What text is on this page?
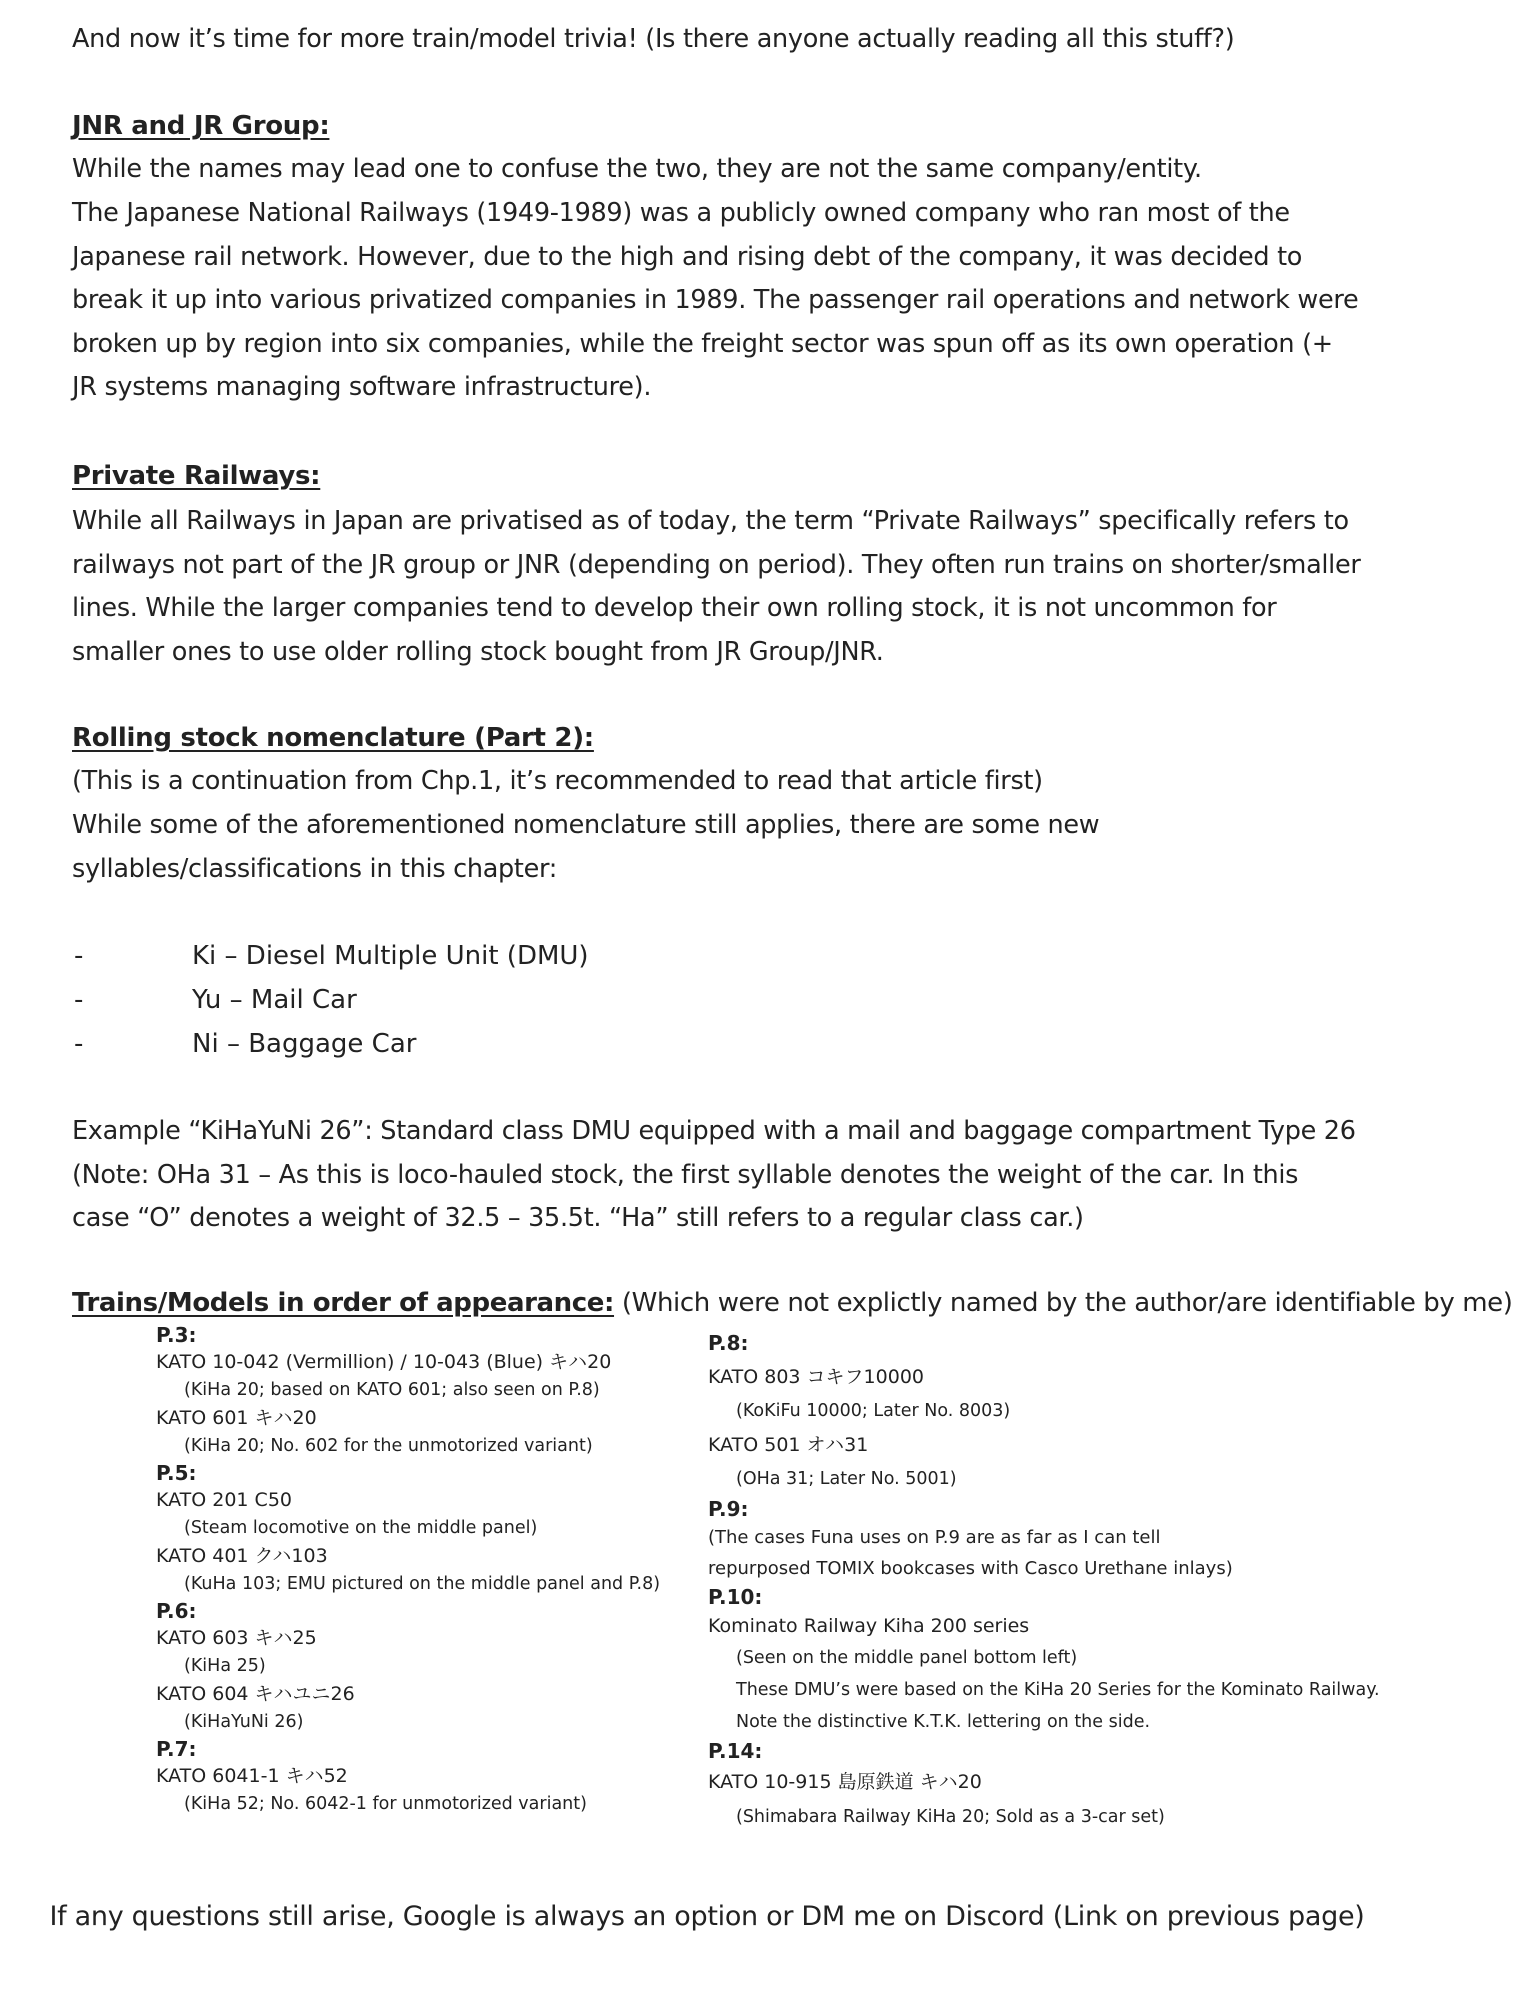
And now it’s time for more train/model trivia! (Is there anyone actually reading all this stuff?)

JNR and JR Group:

While the names may lead one to confuse the two, they are not the same company/entity.

The Japanese National Railways (1949-1989) was a publicly owned company who ran most of the Japanese rail network. However, due to the high and rising debt of the company, it was decided to break it up into various privatized companies in 1989. The passenger rail operations and network were broken up by region into six companies, while the freight sector was spun off as its own operation (+ JR systems managing software infrastructure).

Private Railways:

While all Railways in Japan are privatised as of today, the term “Private Railways” specifically refers to railways not part of the JR group or JNR (depending on period). They often run trains on shorter/smaller lines. While the larger companies tend to develop their own rolling stock, it is not uncommon for smaller ones to use older rolling stock bought from JR Group/JNR.

Rolling stock nomenclature (Part 2):

(This is a continuation from Chp.1, it’s recommended to read that article first)

While some of the aforementioned nomenclature still applies, there are some new syllables/classifications in this chapter:

-	Ki – Diesel Multiple Unit (DMU)
-	Yu – Mail Car
-	Ni – Baggage Car

Example “KiHaYuNi 26”: Standard class DMU equipped with a mail and baggage compartment Type 26 (Note: OHa 31 – As this is loco-hauled stock, the first syllable denotes the weight of the car. In this case “O” denotes a weight of 32.5 – 35.5t. “Ha” still refers to a regular class car.)

Trains/Models in order of appearance: (Which were not explictly named by the author/are identifiable by me)
P.3:
KATO 10-042 (Vermillion) / 10-043 (Blue) キハ20
(KiHa 20; based on KATO 601; also seen on P.8)
KATO 601 キハ20
(KiHa 20; No. 602 for the unmotorized variant)
P.5:
KATO 201 C50
(Steam locomotive on the middle panel)
KATO 401 クハ103
(KuHa 103; EMU pictured on the middle panel and P.8)
P.6:
KATO 603 キハ25
(KiHa 25)
KATO 604 キハユニ26
(KiHaYuNi 26)
P.7:
KATO 6041-1 キハ52
(KiHa 52; No. 6042-1 for unmotorized variant)
P.8:
KATO 803 コキフ10000
(KoKiFu 10000; Later No. 8003)
KATO 501 オハ31
(OHa 31; Later No. 5001)
P.9:
(The cases Funa uses on P.9 are as far as I can tell repurposed TOMIX bookcases with Casco Urethane inlays)
P.10:
Kominato Railway Kiha 200 series
(Seen on the middle panel bottom left)
These DMU’s were based on the KiHa 20 Series for the Kominato Railway.
Note the distinctive K.T.K. lettering on the side.
P.14:
KATO 10-915 島原鉄道 キハ20
(Shimabara Railway KiHa 20; Sold as a 3-car set)
If any questions still arise, Google is always an option or DM me on Discord (Link on previous page)
